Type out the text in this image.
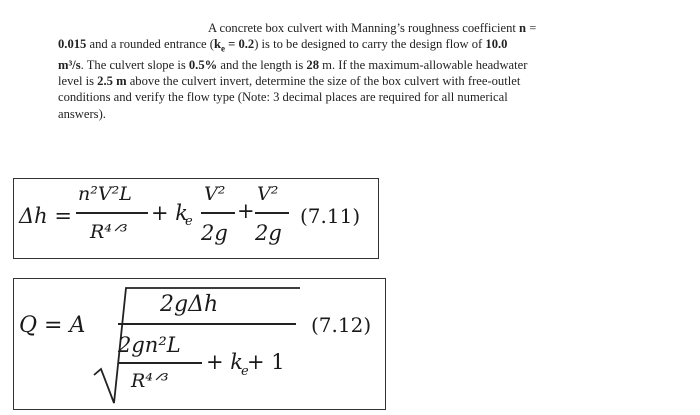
A concrete box culvert with Manning’s roughness coefficient n =
0.015 and a rounded entrance $(k_e = 0.2)$ is to be designed to carry the design flow of 10.0
m³/s. The culvert slope is 0.5% and the length is 28 m. If the maximum-allowable headwater
level is 2.5 m above the culvert invert, determine the size of the box culvert with free-outlet
conditions and verify the flow type (Note: 3 decimal places are required for all numerical
answers).
Δh =
n²V²L
R⁴ᐟ³
+ k
e
V²
2g
+
V²
2g
(7.11)
Q = A
2gΔh
2gn²L
R⁴ᐟ³
+ k
e
+ 1
(7.12)
